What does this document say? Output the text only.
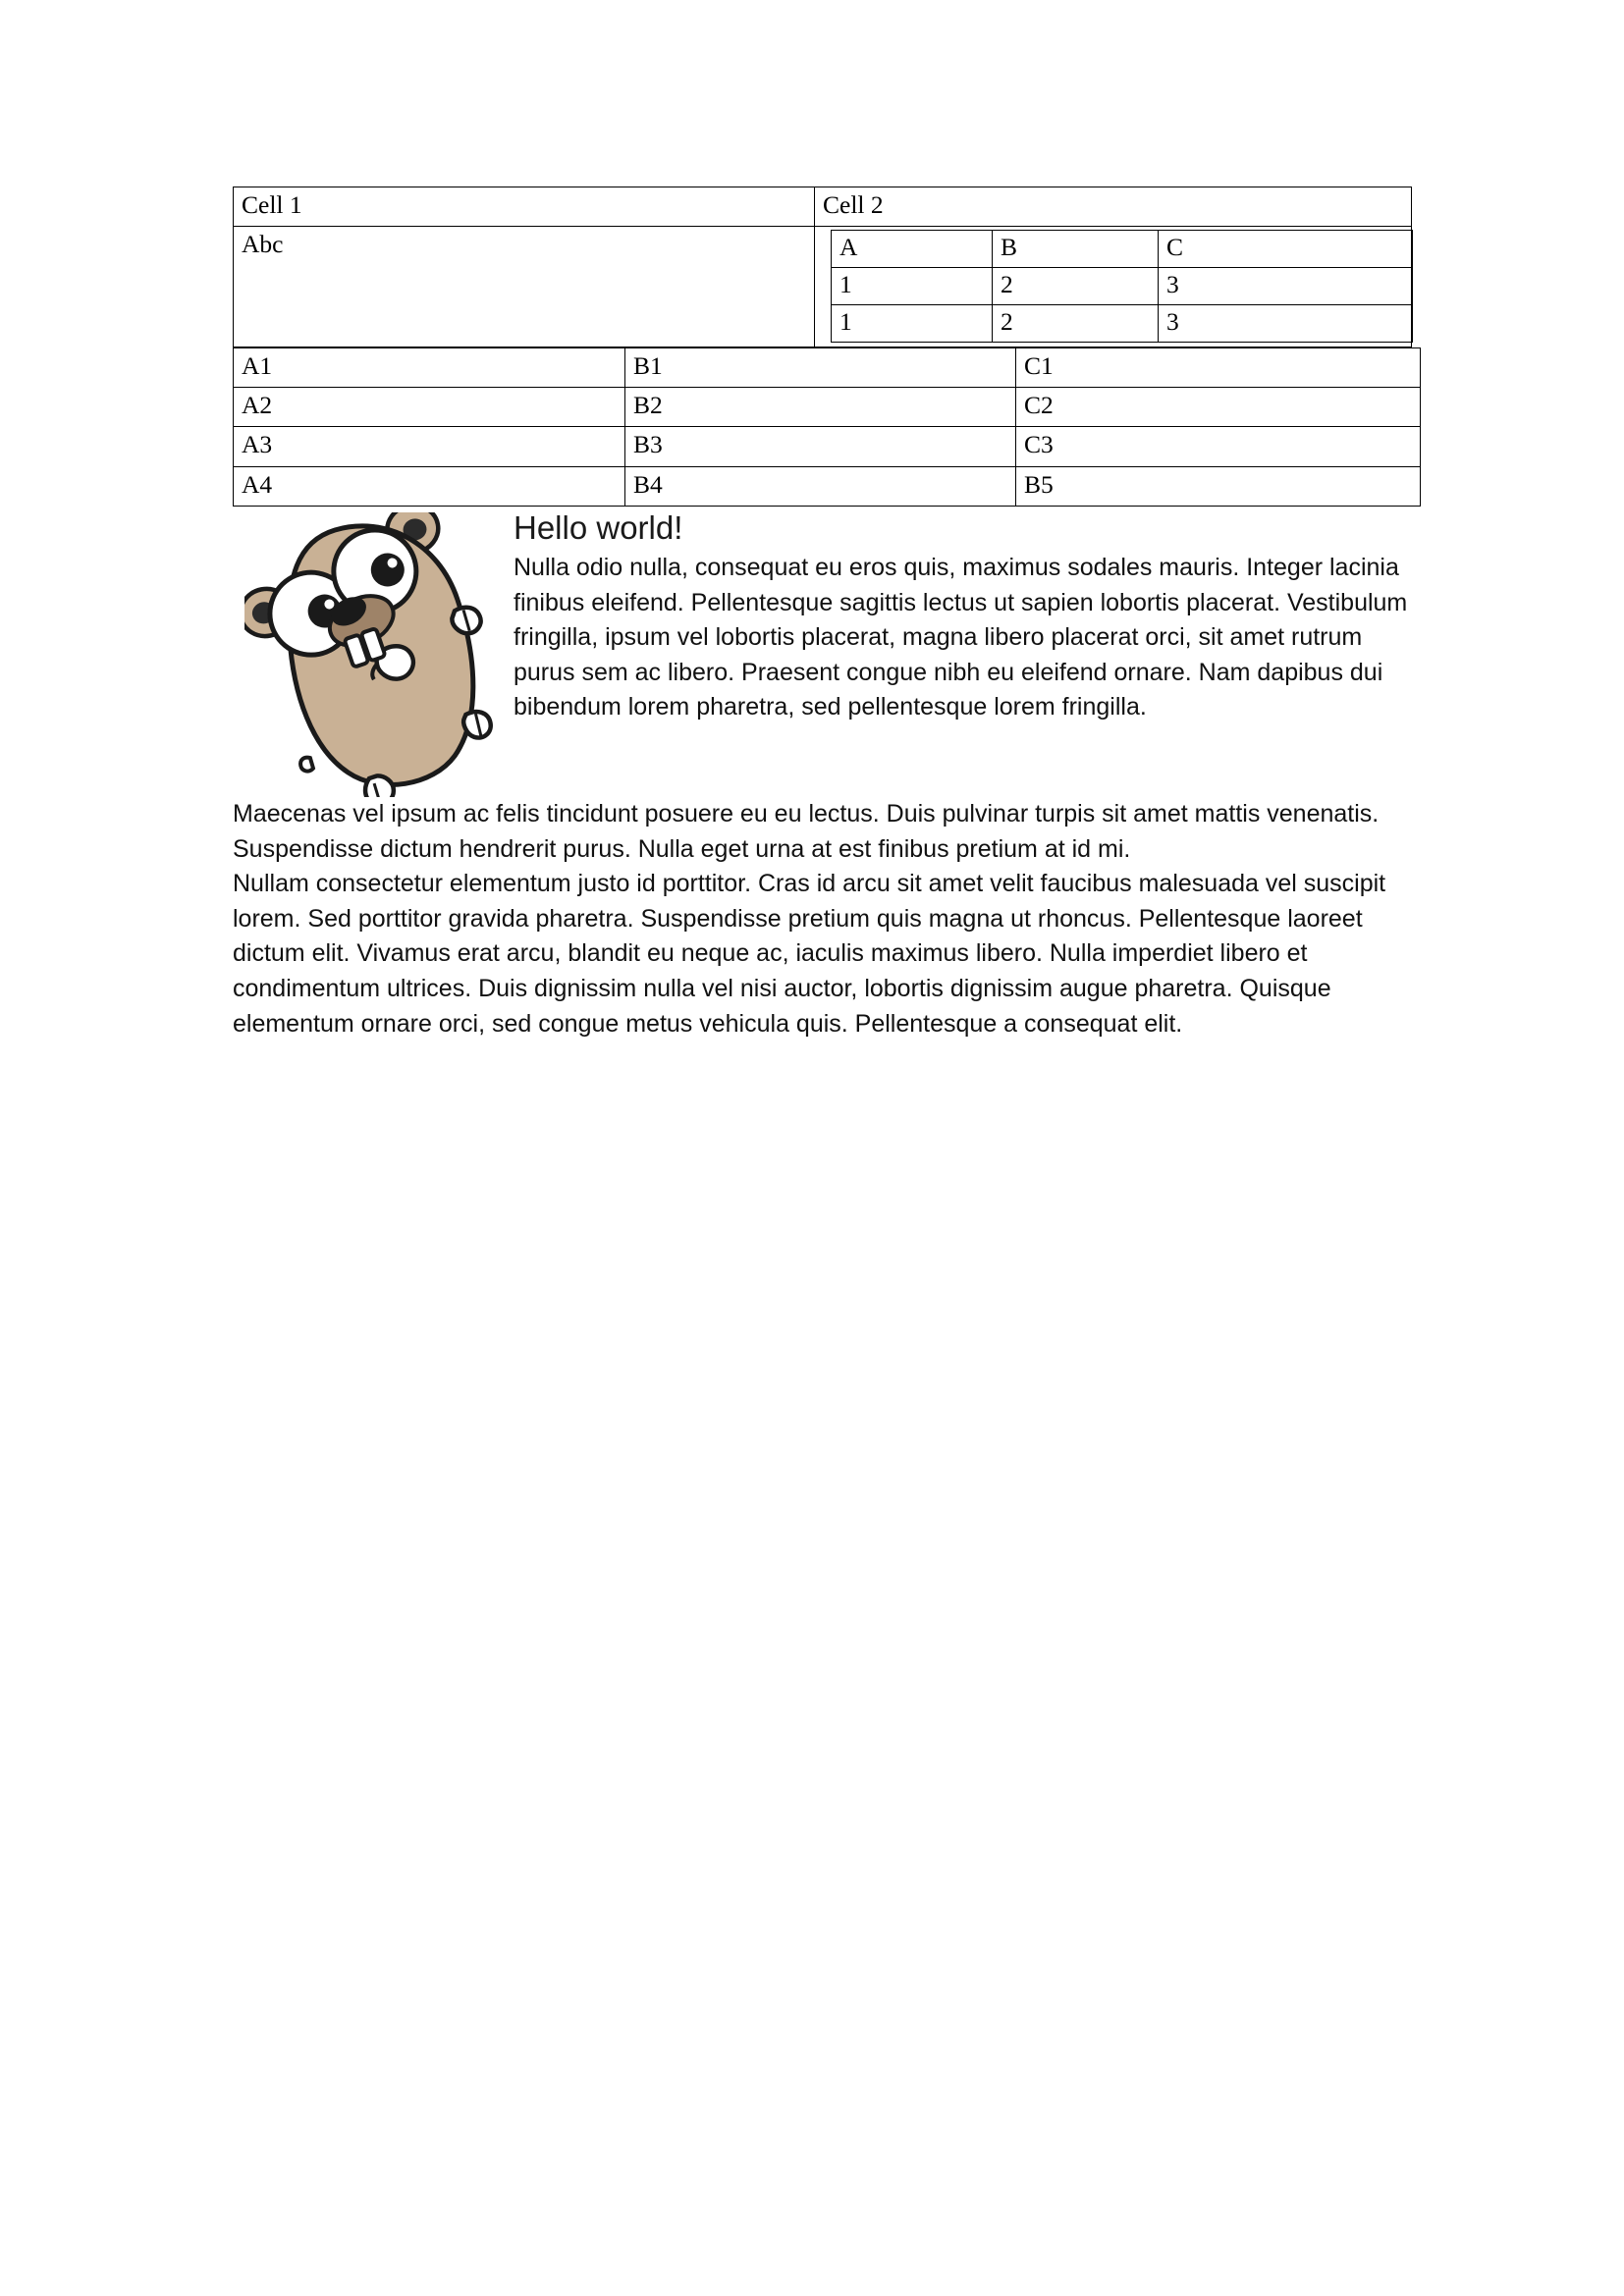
Cell 1	Cell 2
Abc		A	B	C
1	2	3
1	2	3
A1	B1	C1
A2	B2	C2
A3	B3	C3
A4	B4	B5
Hello world!

Nulla odio nulla, consequat eu eros quis, maximus sodales mauris. Integer lacinia finibus eleifend. Pellentesque sagittis lectus ut sapien lobortis placerat. Vestibulum fringilla, ipsum vel lobortis placerat, magna libero placerat orci, sit amet rutrum purus sem ac libero. Praesent congue nibh eu eleifend ornare. Nam dapibus dui bibendum lorem pharetra, sed pellentesque lorem fringilla.

Maecenas vel ipsum ac felis tincidunt posuere eu eu lectus. Duis pulvinar turpis sit amet mattis venenatis. Suspendisse dictum hendrerit purus. Nulla eget urna at est finibus pretium at id mi.

Nullam consectetur elementum justo id porttitor. Cras id arcu sit amet velit faucibus malesuada vel suscipit lorem. Sed porttitor gravida pharetra. Suspendisse pretium quis magna ut rhoncus. Pellentesque laoreet dictum elit. Vivamus erat arcu, blandit eu neque ac, iaculis maximus libero. Nulla imperdiet libero et condimentum ultrices. Duis dignissim nulla vel nisi auctor, lobortis dignissim augue pharetra. Quisque elementum ornare orci, sed congue metus vehicula quis. Pellentesque a consequat elit.
